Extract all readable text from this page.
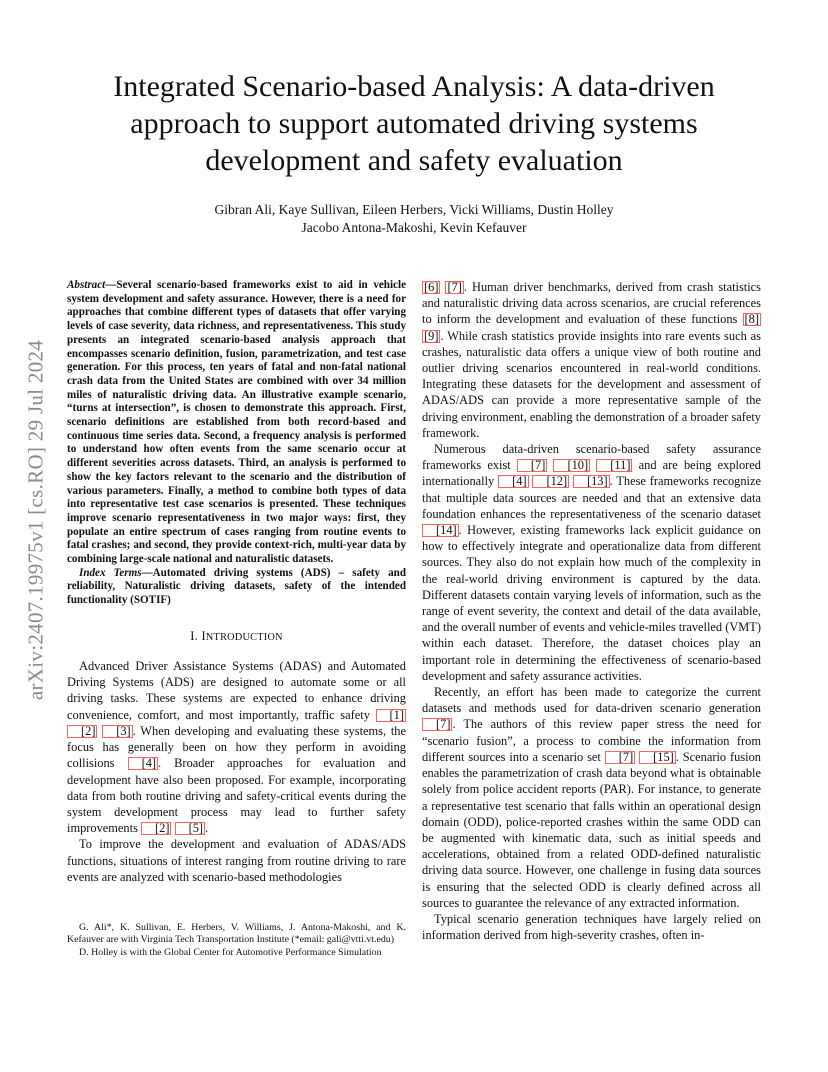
arXiv:2407.19975v1 [cs.RO] 29 Jul 2024
Integrated Scenario-based Analysis: A data-driven approach to support automated driving systems development and safety evaluation
Gibran Ali, Kaye Sullivan, Eileen Herbers, Vicki Williams, Dustin Holley
Jacobo Antona-Makoshi, Kevin Kefauver

Abstract—Several scenario-based frameworks exist to aid in vehicle system development and safety assurance. However, there is a need for approaches that combine different types of datasets that offer varying levels of case severity, data richness, and representativeness. This study presents an integrated scenario-based analysis approach that encompasses scenario definition, fusion, parametrization, and test case generation. For this process, ten years of fatal and non-fatal national crash data from the United States are combined with over 34 million miles of naturalistic driving data. An illustrative example scenario, “turns at intersection”, is chosen to demonstrate this approach. First, scenario definitions are established from both record-based and continuous time series data. Second, a frequency analysis is performed to understand how often events from the same scenario occur at different severities across datasets. Third, an analysis is performed to show the key factors relevant to the scenario and the distribution of various parameters. Finally, a method to combine both types of data into representative test case scenarios is presented. These techniques improve scenario representativeness in two major ways: first, they populate an entire spectrum of cases ranging from routine events to fatal crashes; and second, they provide context-rich, multi-year data by combining large-scale national and naturalistic datasets.

Index Terms—Automated driving systems (ADS) – safety and reliability, Naturalistic driving datasets, safety of the intended functionality (SOTIF)

I. INTRODUCTION

Advanced Driver Assistance Systems (ADAS) and Automated Driving Systems (ADS) are designed to automate some or all driving tasks. These systems are expected to enhance driving convenience, comfort, and most importantly, traffic safety [1] [2] [3] . When developing and evaluating these systems, the focus has generally been on how they perform in avoiding collisions [4] . Broader approaches for evaluation and development have also been proposed. For example, incorporating data from both routine driving and safety-critical events during the system development process may lead to further safety improvements [2] [5] .

To improve the development and evaluation of ADAS/ADS functions, situations of interest ranging from routine driving to rare events are analyzed with scenario-based methodologies

G. Ali*, K. Sullivan, E. Herbers, V. Williams, J. Antona-Makoshi, and K. Kefauver are with Virginia Tech Transportation Institute (*email: gali@vtti.vt.edu)

D. Holley is with the Global Center for Automotive Performance Simulation

[6] [7] . Human driver benchmarks, derived from crash statistics and naturalistic driving data across scenarios, are crucial references to inform the development and evaluation of these functions [8] [9] . While crash statistics provide insights into rare events such as crashes, naturalistic data offers a unique view of both routine and outlier driving scenarios encountered in real-world conditions. Integrating these datasets for the development and assessment of ADAS/ADS can provide a more representative sample of the driving environment, enabling the demonstration of a broader safety framework.

Numerous data-driven scenario-based safety assurance frameworks exist [7] [10] [11] and are being explored internationally [4] [12] [13] . These frameworks recognize that multiple data sources are needed and that an extensive data foundation enhances the representativeness of the scenario dataset [14] . However, existing frameworks lack explicit guidance on how to effectively integrate and operationalize data from different sources. They also do not explain how much of the complexity in the real-world driving environment is captured by the data. Different datasets contain varying levels of information, such as the range of event severity, the context and detail of the data available, and the overall number of events and vehicle-miles travelled (VMT) within each dataset. Therefore, the dataset choices play an important role in determining the effectiveness of scenario-based development and safety assurance activities.

Recently, an effort has been made to categorize the current datasets and methods used for data-driven scenario generation [7] . The authors of this review paper stress the need for “scenario fusion”, a process to combine the information from different sources into a scenario set [7] [15] . Scenario fusion enables the parametrization of crash data beyond what is obtainable solely from police accident reports (PAR). For instance, to generate a representative test scenario that falls within an operational design domain (ODD), police-reported crashes within the same ODD can be augmented with kinematic data, such as initial speeds and accelerations, obtained from a related ODD-defined naturalistic driving data source. However, one challenge in fusing data sources is ensuring that the selected ODD is clearly defined across all sources to guarantee the relevance of any extracted information.

Typical scenario generation techniques have largely relied on information derived from high-severity crashes, often in-
